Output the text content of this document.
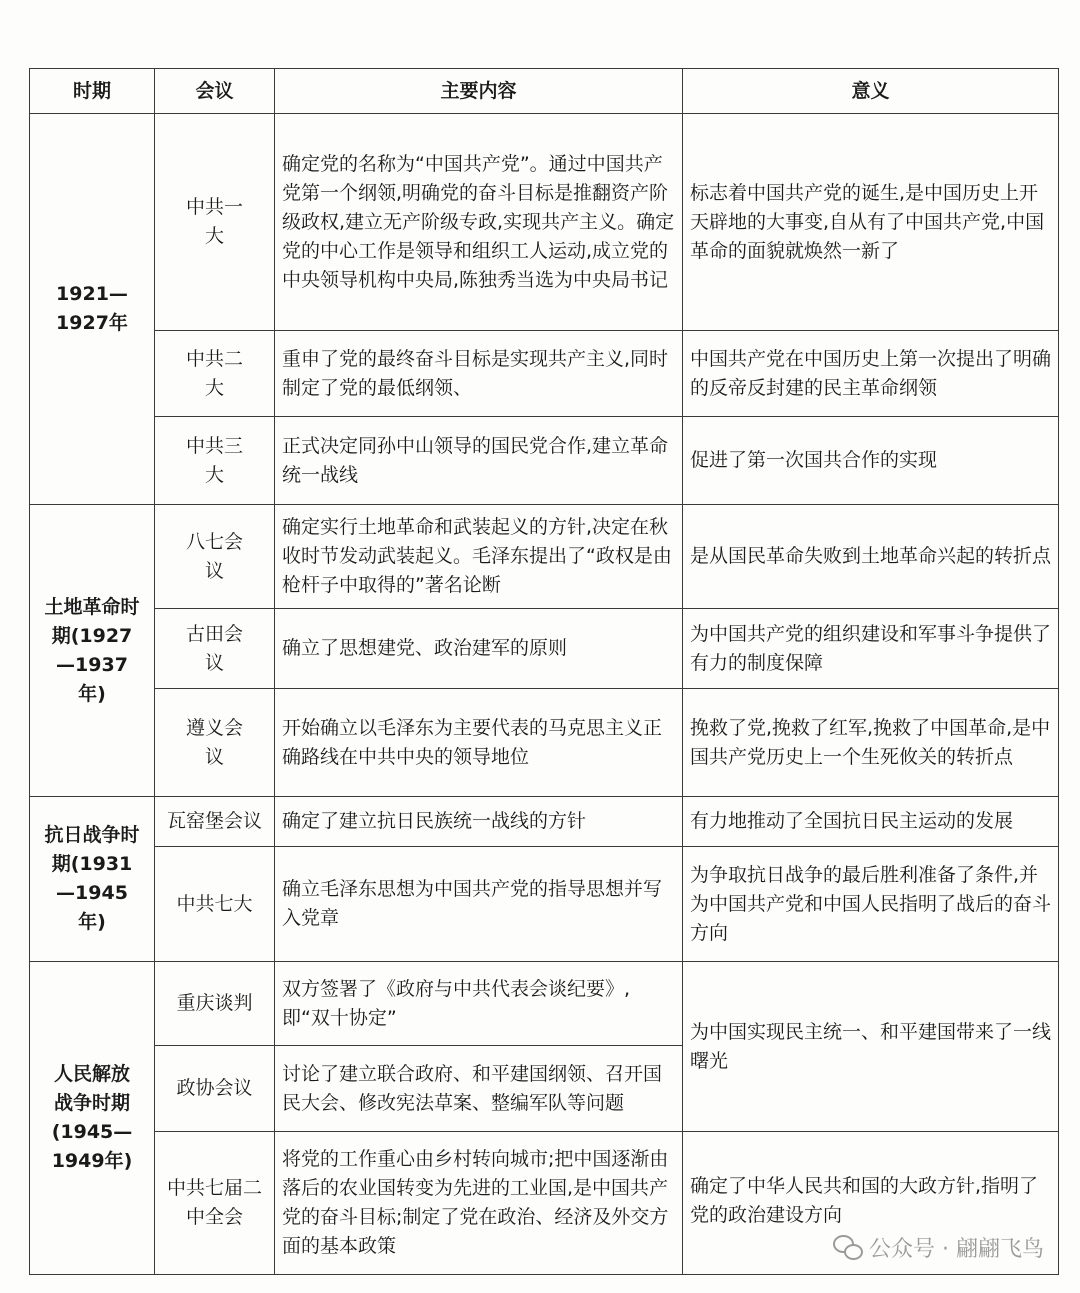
时期	会议	主要内容	意义
1921—1927年	中共一大	确定党的名称为“中国共产党”。通过中国共产党第一个纲领,明确党的奋斗目标是推翻资产阶级政权,建立无产阶级专政,实现共产主义。确定党的中心工作是领导和组织工人运动,成立党的中央领导机构中央局,陈独秀当选为中央局书记	标志着中国共产党的诞生,是中国历史上开天辟地的大事变,自从有了中国共产党,中国革命的面貌就焕然一新了
	中共二大	重申了党的最终奋斗目标是实现共产主义,同时制定了党的最低纲领、	中国共产党在中国历史上第一次提出了明确的反帝反封建的民主革命纲领
	中共三大	正式决定同孙中山领导的国民党合作,建立革命统一战线	促进了第一次国共合作的实现
土地革命时期(1927—1937年)	八七会议	确定实行土地革命和武装起义的方针,决定在秋收时节发动武装起义。毛泽东提出了“政权是由枪杆子中取得的”著名论断	是从国民革命失败到土地革命兴起的转折点
	古田会议	确立了思想建党、政治建军的原则	为中国共产党的组织建设和军事斗争提供了有力的制度保障
	遵义会议	开始确立以毛泽东为主要代表的马克思主义正确路线在中共中央的领导地位	挽救了党,挽救了红军,挽救了中国革命,是中国共产党历史上一个生死攸关的转折点
抗日战争时期(1931—1945年)	瓦窑堡会议	确定了建立抗日民族统一战线的方针	有力地推动了全国抗日民主运动的发展
	中共七大	确立毛泽东思想为中国共产党的指导思想并写入党章	为争取抗日战争的最后胜利准备了条件,并为中国共产党和中国人民指明了战后的奋斗方向
人民解放战争时期(1945—1949年)	重庆谈判	双方签署了《政府与中共代表会谈纪要》,即“双十协定”	为中国实现民主统一、和平建国带来了一线曙光
	政协会议	讨论了建立联合政府、和平建国纲领、召开国民大会、修改宪法草案、整编军队等问题	
	中共七届二中全会	将党的工作重心由乡村转向城市;把中国逐渐由落后的农业国转变为先进的工业国,是中国共产党的奋斗目标;制定了党在政治、经济及外交方面的基本政策	确定了中华人民共和国的大政方针,指明了党的政治建设方向
公众号 · 翩翩飞鸟
